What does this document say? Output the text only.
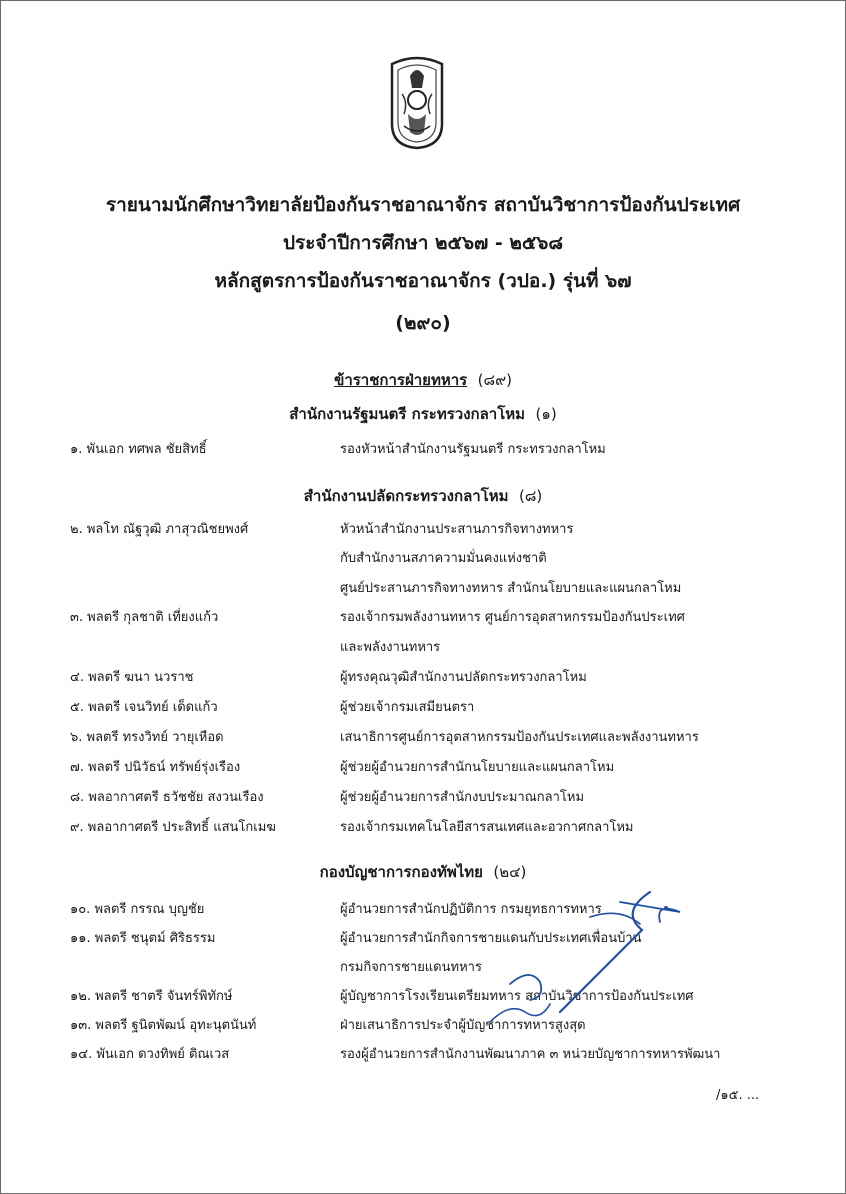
รายนามนักศึกษาวิทยาลัยป้องกันราชอาณาจักร สถาบันวิชาการป้องกันประเทศ
ประจำปีการศึกษา ๒๕๖๗ - ๒๕๖๘
หลักสูตรการป้องกันราชอาณาจักร (วปอ.) รุ่นที่ ๖๗
(๒๙๐)
ข้าราชการฝ่ายทหาร (๘๙)
สำนักงานรัฐมนตรี กระทรวงกลาโหม (๑)
๑. พันเอก ทศพล ชัยสิทธิ์	รองหัวหน้าสำนักงานรัฐมนตรี กระทรวงกลาโหม
สำนักงานปลัดกระทรวงกลาโหม (๘)
๒. พลโท ณัฐวุฒิ ภาสุวณิชยพงศ์	หัวหน้าสำนักงานประสานภารกิจทางทหาร
กับสำนักงานสภาความมั่นคงแห่งชาติ
ศูนย์ประสานภารกิจทางทหาร สำนักนโยบายและแผนกลาโหม
๓. พลตรี กุลชาติ เที่ยงแก้ว	รองเจ้ากรมพลังงานทหาร ศูนย์การอุตสาหกรรมป้องกันประเทศ
และพลังงานทหาร
๔. พลตรี ฆนา นวราช	ผู้ทรงคุณวุฒิสำนักงานปลัดกระทรวงกลาโหม
๕. พลตรี เจนวิทย์ เด็ดแก้ว	ผู้ช่วยเจ้ากรมเสมียนตรา
๖. พลตรี ทรงวิทย์ วายุเหือด	เสนาธิการศูนย์การอุตสาหกรรมป้องกันประเทศและพลังงานทหาร
๗. พลตรี ปนิวัธน์ ทรัพย์รุ่งเรือง	ผู้ช่วยผู้อำนวยการสำนักนโยบายและแผนกลาโหม
๘. พลอากาศตรี ธวัชชัย สงวนเรือง	ผู้ช่วยผู้อำนวยการสำนักงบประมาณกลาโหม
๙. พลอากาศตรี ประสิทธิ์ แสนโกเมฆ	รองเจ้ากรมเทคโนโลยีสารสนเทศและอวกาศกลาโหม
กองบัญชาการกองทัพไทย (๒๔)
๑๐. พลตรี กรรณ บุญชัย	ผู้อำนวยการสำนักปฏิบัติการ กรมยุทธการทหาร
๑๑. พลตรี ชนุตม์ ศิริธรรม	ผู้อำนวยการสำนักกิจการชายแดนกับประเทศเพื่อนบ้าน
กรมกิจการชายแดนทหาร
๑๒. พลตรี ชาตรี จันทร์พิทักษ์	ผู้บัญชาการโรงเรียนเตรียมทหาร สถาบันวิชาการป้องกันประเทศ
๑๓. พลตรี ฐนิตพัฒน์ อุทะนุตนันท์	ฝ่ายเสนาธิการประจำผู้บัญชาการทหารสูงสุด
๑๔. พันเอก ดวงทิพย์ ติณเวส	รองผู้อำนวยการสำนักงานพัฒนาภาค ๓ หน่วยบัญชาการทหารพัฒนา
/๑๕. ...
